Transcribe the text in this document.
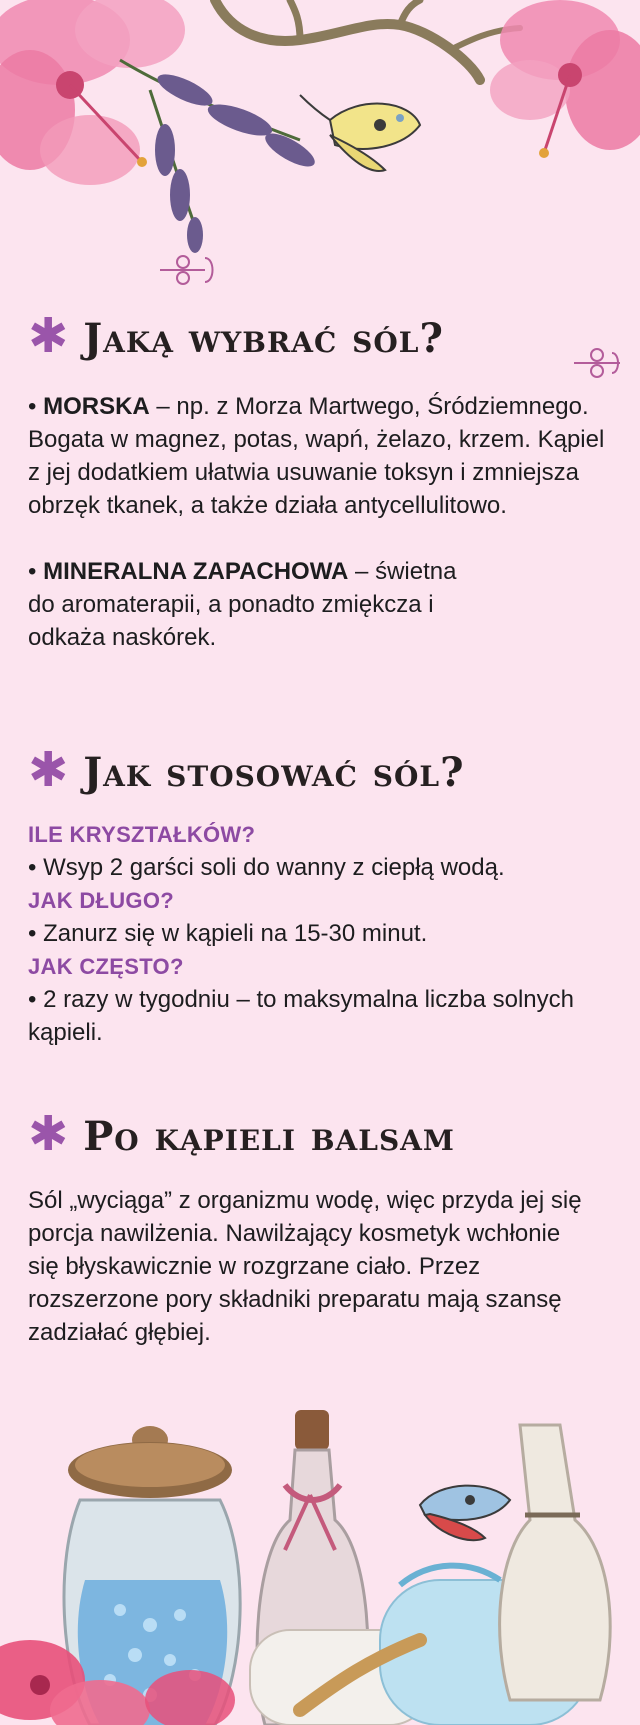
✱ Jaką wybrać sól?

• MORSKA – np. z Morza Martwego, Śródziemnego. Bogata w magnez, potas, wapń, żelazo, krzem. Kąpiel z jej dodatkiem ułatwia usuwanie toksyn i zmniejsza obrzęk tkanek, a także działa antycellulitowo.

• MINERALNA ZAPACHOWA – świetna do aromaterapii, a ponadto zmiękcza i odkaża naskórek.

✱ Jak stosować sól?

ILE KRYSZTAŁKÓW?

• Wsyp 2 garści soli do wanny z ciepłą wodą.

JAK DŁUGO?

• Zanurz się w kąpieli na 15-30 minut.

JAK CZĘSTO?

• 2 razy w tygodniu – to maksymalna liczba solnych kąpieli.

✱ Po kąpieli balsam

Sól „wyciąga” z organizmu wodę, więc przyda jej się porcja nawilżenia. Nawilżający kosmetyk wchłonie się błyskawicznie w rozgrzane ciało. Przez rozszerzone pory składniki preparatu mają szansę zadziałać głębiej.
